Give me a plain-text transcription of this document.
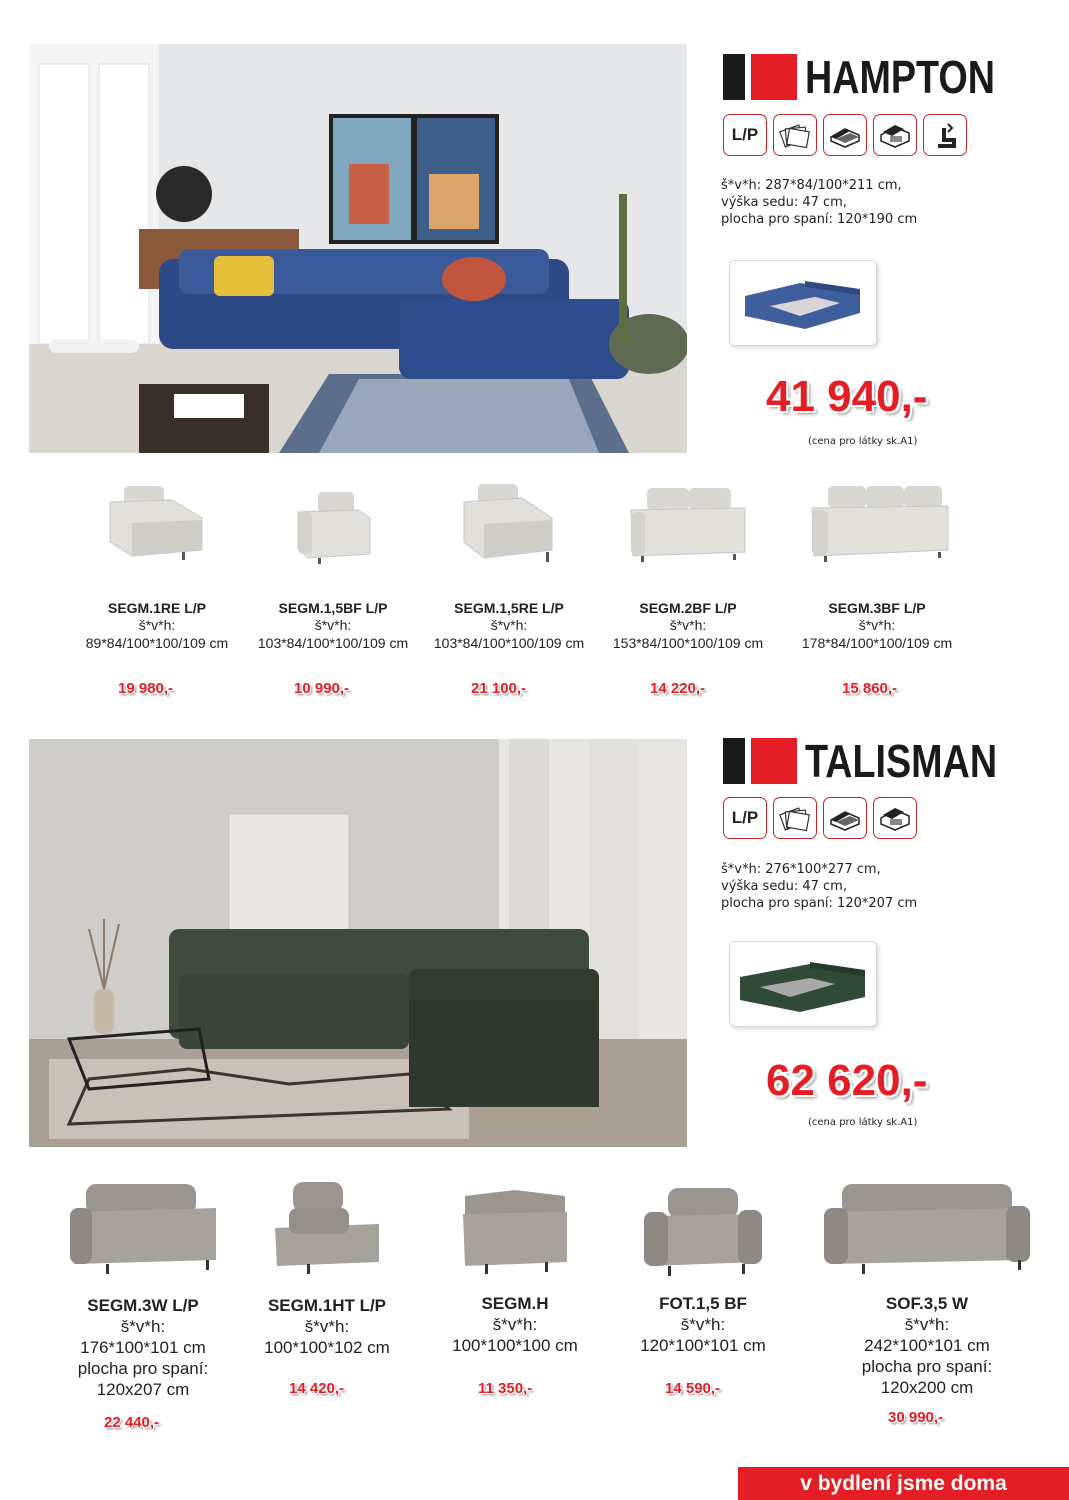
HAMPTON
L/P
š*v*h: 287*84/100*211 cm,
výška sedu: 47 cm,
plocha pro spaní: 120*190 cm
41 940,-
(cena pro látky sk.A1)
SEGM.1RE L/P
š*v*h:
89*84/100*100/109 cm
19 980,-
SEGM.1,5BF L/P
š*v*h:
103*84/100*100/109 cm
10 990,-
SEGM.1,5RE L/P
š*v*h:
103*84/100*100/109 cm
21 100,-
SEGM.2BF L/P
š*v*h:
153*84/100*100/109 cm
14 220,-
SEGM.3BF L/P
š*v*h:
178*84/100*100/109 cm
15 860,-
TALISMAN
L/P
š*v*h: 276*100*277 cm,
výška sedu: 47 cm,
plocha pro spaní: 120*207 cm
62 620,-
(cena pro látky sk.A1)
SEGM.3W L/P
š*v*h:
176*100*101 cm
plocha pro spaní:
120x207 cm
22 440,-
SEGM.1HT L/P
š*v*h:
100*100*102 cm
14 420,-
SEGM.H
š*v*h:
100*100*100 cm
11 350,-
FOT.1,5 BF
š*v*h:
120*100*101 cm
14 590,-
SOF.3,5 W
š*v*h:
242*100*101 cm
plocha pro spaní:
120x200 cm
30 990,-
v bydlení jsme doma
